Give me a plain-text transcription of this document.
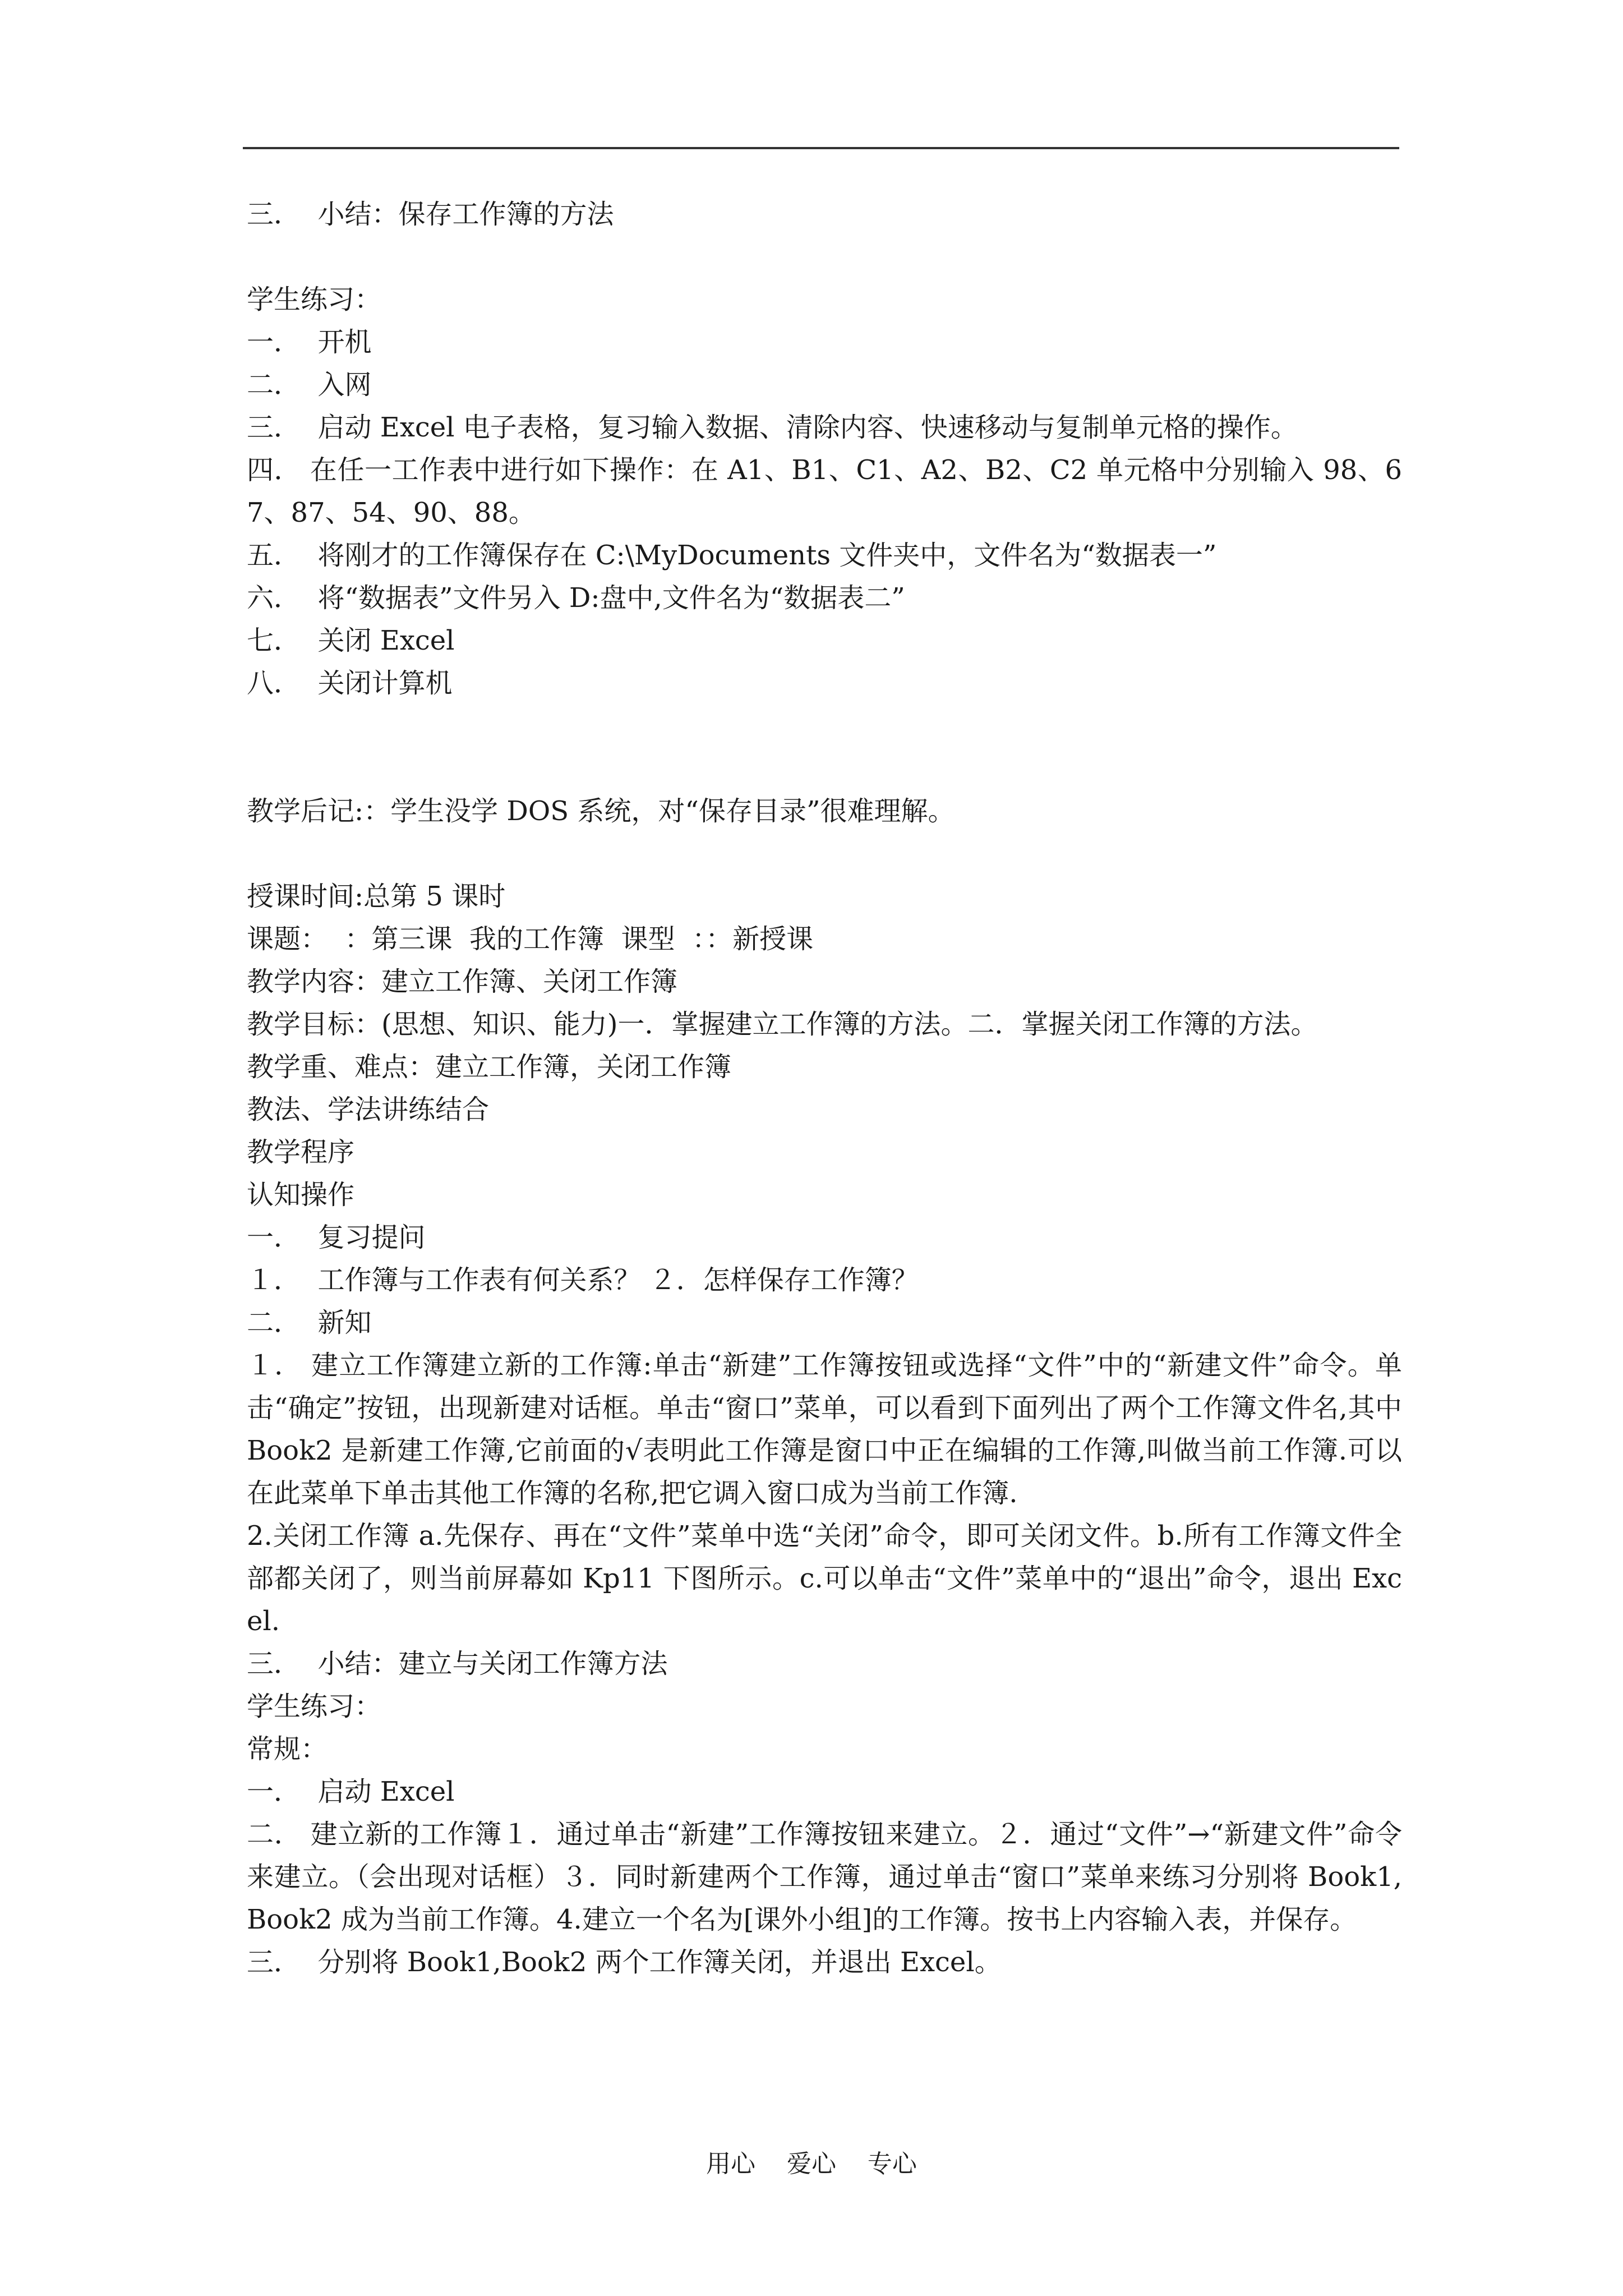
三．  小结：保存工作簿的方法
学生练习：
一．  开机
二．  入网
三．  启动 Excel 电子表格，复习输入数据、清除内容、快速移动与复制单元格的操作。
四． 在任一工作表中进行如下操作：在 A1、B1、C1、A2、B2、C2 单元格中分别输入 98、67、87、54、90、88。
五．  将刚才的工作簿保存在 C:\MyDocuments 文件夹中，文件名为“数据表一”
六．  将“数据表”文件另入 D:盘中,文件名为“数据表二”
七．  关闭 Excel
八．  关闭计算机
教学后记:：学生没学 DOS 系统，对“保存目录”很难理解。
授课时间:总第 5 课时
课题：  ：第三课  我的工作簿  课型  ：：新授课
教学内容：建立工作簿、关闭工作簿
教学目标：(思想、知识、能力)一．掌握建立工作簿的方法。二．掌握关闭工作簿的方法。
教学重、难点：建立工作簿，关闭工作簿
教法、学法讲练结合
教学程序
认知操作
一．  复习提问
１．  工作簿与工作表有何关系？ ２．怎样保存工作簿？
二．  新知
１． 建立工作簿建立新的工作簿:单击“新建”工作簿按钮或选择“文件”中的“新建文件”命令。单击“确定”按钮，出现新建对话框。单击“窗口”菜单，可以看到下面列出了两个工作簿文件名,其中 Book2 是新建工作簿,它前面的√表明此工作簿是窗口中正在编辑的工作簿,叫做当前工作簿.可以在此菜单下单击其他工作簿的名称,把它调入窗口成为当前工作簿.
2.关闭工作簿 a.先保存、再在“文件”菜单中选“关闭”命令，即可关闭文件。b.所有工作簿文件全部都关闭了，则当前屏幕如 Kp11 下图所示。c.可以单击“文件”菜单中的“退出”命令，退出 Excel.
三．  小结：建立与关闭工作簿方法
学生练习：
常规：
一．  启动 Excel
二． 建立新的工作簿１．通过单击“新建”工作簿按钮来建立。２．通过“文件”→“新建文件”命令来建立。（会出现对话框）３．同时新建两个工作簿，通过单击“窗口”菜单来练习分别将 Book1,Book2 成为当前工作簿。4.建立一个名为[课外小组]的工作簿。按书上内容输入表，并保存。
三．  分别将 Book1,Book2 两个工作簿关闭，并退出 Excel。
用心    爱心    专心
